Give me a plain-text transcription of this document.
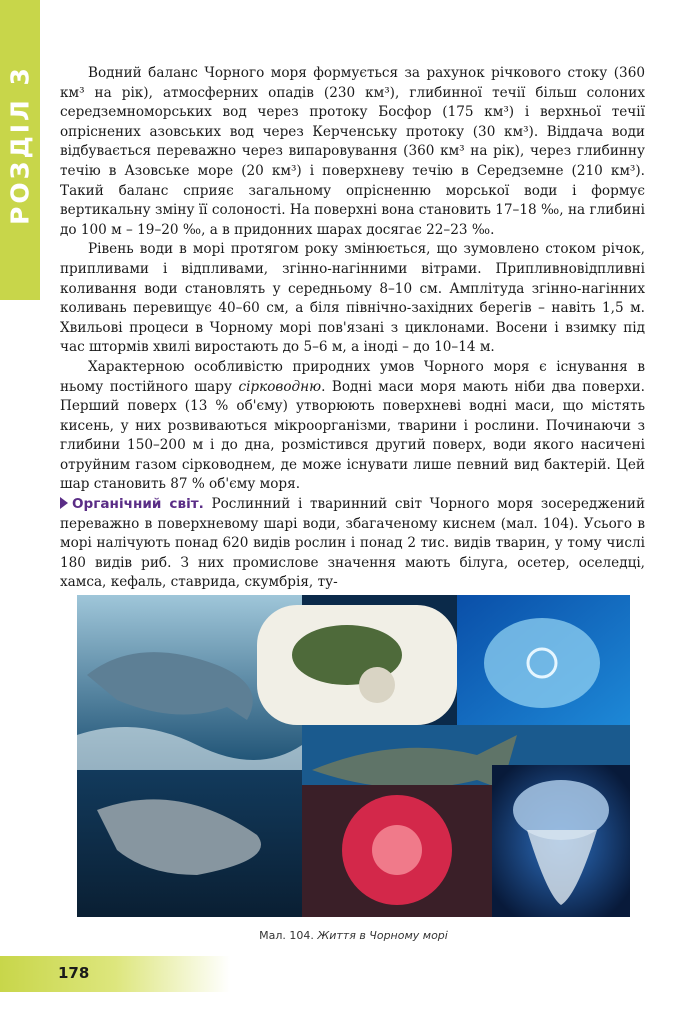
РОЗДІЛ 3	Водний баланс Чорного моря формується за рахунок річкового стоку (360 км³ на рік), атмосферних опадів (230 км³), глибинної течії більш солоних середземноморських вод через протоку Босфор (175 км³) і верхньої течії опріснених азовських вод через Керченську протоку (30 км³). Віддача води відбувається переважно через випаровування (360 км³ на рік), через глибинну течію в Азовське море (20 км³) і поверхневу течію в Середземне (210 км³). Такий баланс сприяє загальному опрісненню морської води і формує вертикальну зміну її солоності. На поверхні вона становить 17–18 ‰, на глибині до 100 м – 19–20 ‰, а в придонних шарах досягає 22–23 ‰.

Рівень води в морі протягом року змінюється, що зумовлено стоком річок, припливами і відпливами, згінно-нагінними вітрами. Припливновідпливні коливання води становлять у середньому 8–10 см. Амплітуда згінно-нагінних коливань перевищує 40–60 см, а біля північно-західних берегів – навіть 1,5 м. Хвильові процеси в Чорному морі пов'язані з циклонами. Восени і взимку під час штормів хвилі виростають до 5–6 м, а іноді – до 10–14 м.

Характерною особливістю природних умов Чорного моря є існування в ньому постійного шару сірководню. Водні маси моря мають ніби два поверхи. Перший поверх (13 % об'єму) утворюють поверхневі водні маси, що містять кисень, у них розвиваються мікроорганізми, тварини і рослини. Починаючи з глибини 150–200 м і до дна, розмістився другий поверх, води якого насичені отруйним газом сірководнем, де може існувати лише певний вид бактерій. Цей шар становить 87 % об'єму моря.

Органічний світ. Рослинний і тваринний світ Чорного моря зосереджений переважно в поверхневому шарі води, збагаченому киснем (мал. 104). Усього в морі налічують понад 620 видів рослин і понад 2 тис. видів тварин, у тому числі 180 видів риб. З них промислове значення мають білуга, осетер, оселедці, хамса, кефаль, ставрида, скумбрія, ту-

Мал. 104. Життя в Чорному морі
178
